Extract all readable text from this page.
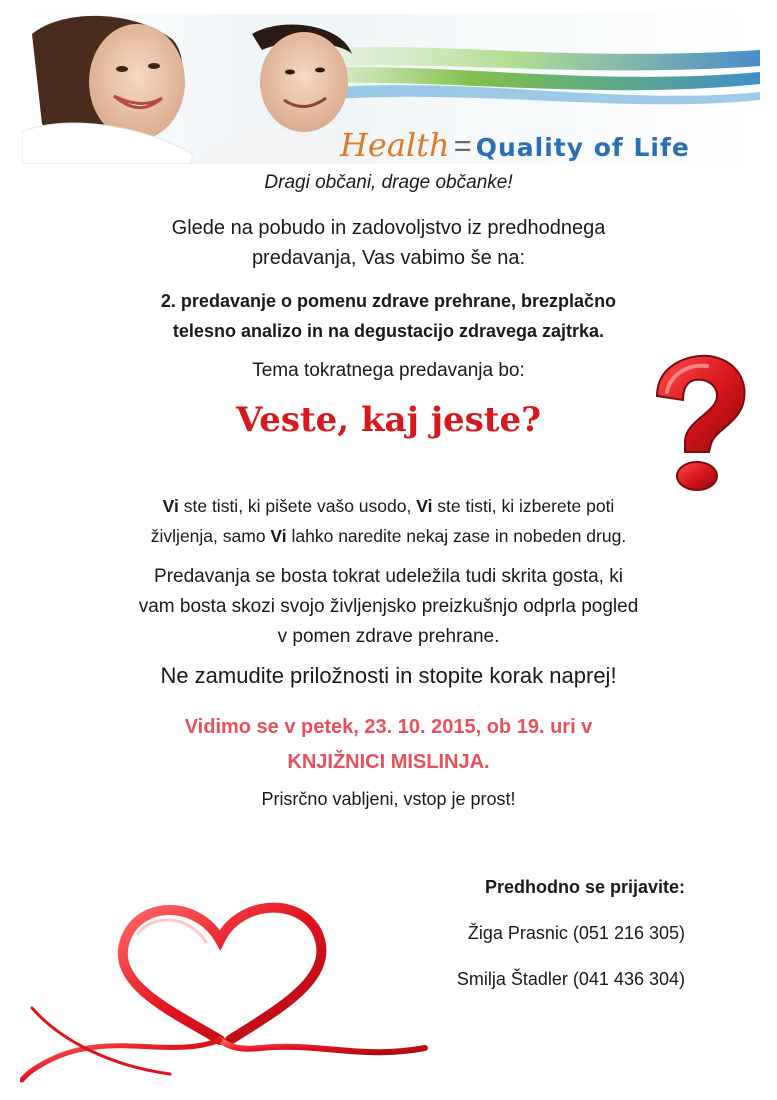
Health = Quality of Life
Dragi občani, drage občanke!
Glede na pobudo in zadovoljstvo iz predhodnega
predavanja, Vas vabimo še na:
2. predavanje o pomenu zdrave prehrane, brezplačno
telesno analizo in na degustacijo zdravega zajtrka.
Tema tokratnega predavanja bo:
Veste, kaj jeste?
Vi ste tisti, ki pišete vašo usodo, Vi ste tisti, ki izberete poti
življenja, samo Vi lahko naredite nekaj zase in nobeden drug.
Predavanja se bosta tokrat udeležila tudi skrita gosta, ki
vam bosta skozi svojo življenjsko preizkušnjo odprla pogled
v pomen zdrave prehrane.
Ne zamudite priložnosti in stopite korak naprej!
Vidimo se v petek, 23. 10. 2015, ob 19. uri v
KNJIŽNICI MISLINJA.
Prisrčno vabljeni, vstop je prost!
Predhodno se prijavite:
Žiga Prasnic (051 216 305)
Smilja Štadler (041 436 304)
